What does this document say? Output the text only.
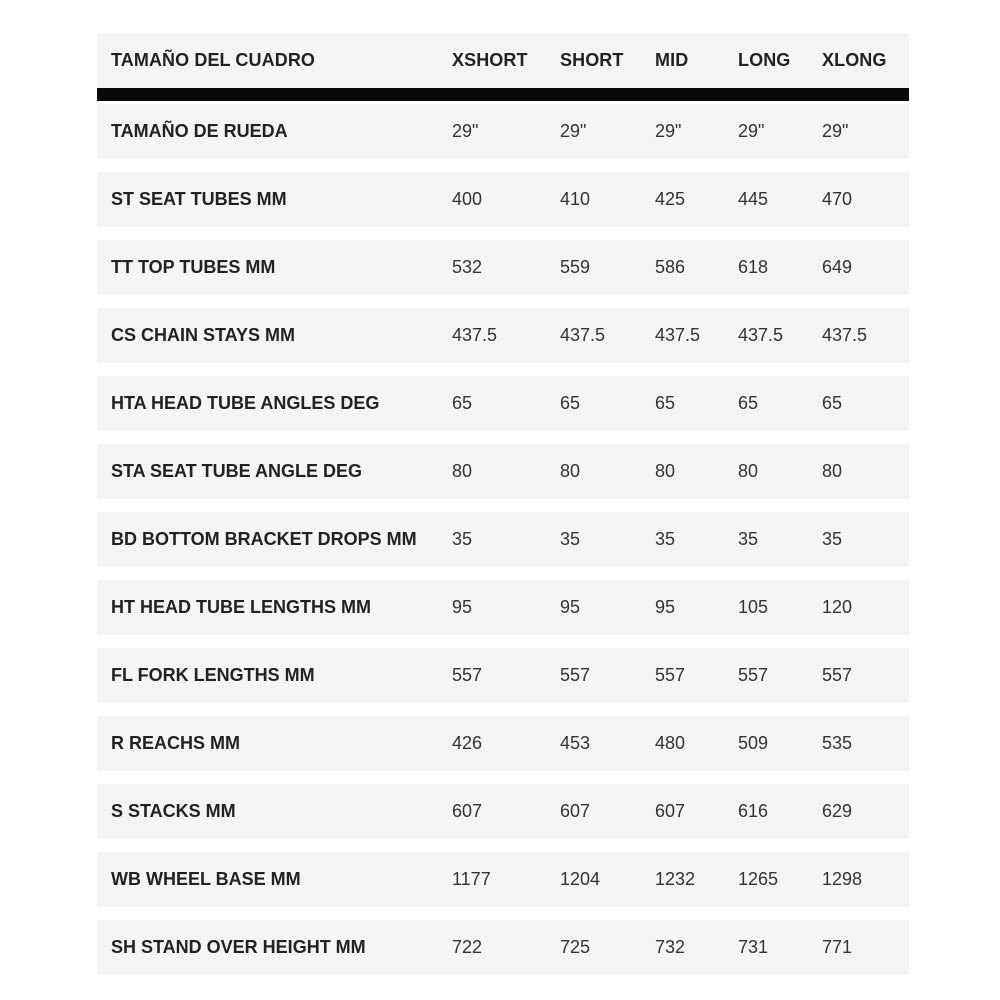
TAMAÑO DEL CUADRO	XSHORT	SHORT	MID	LONG	XLONG
TAMAÑO DE RUEDA	29"	29"	29"	29"	29"
ST SEAT TUBES MM	400	410	425	445	470
TT TOP TUBES MM	532	559	586	618	649
CS CHAIN STAYS MM	437.5	437.5	437.5	437.5	437.5
HTA HEAD TUBE ANGLES DEG	65	65	65	65	65
STA SEAT TUBE ANGLE DEG	80	80	80	80	80
BD BOTTOM BRACKET DROPS MM	35	35	35	35	35
HT HEAD TUBE LENGTHS MM	95	95	95	105	120
FL FORK LENGTHS MM	557	557	557	557	557
R REACHS MM	426	453	480	509	535
S STACKS MM	607	607	607	616	629
WB WHEEL BASE MM	1177	1204	1232	1265	1298
SH STAND OVER HEIGHT MM	722	725	732	731	771
